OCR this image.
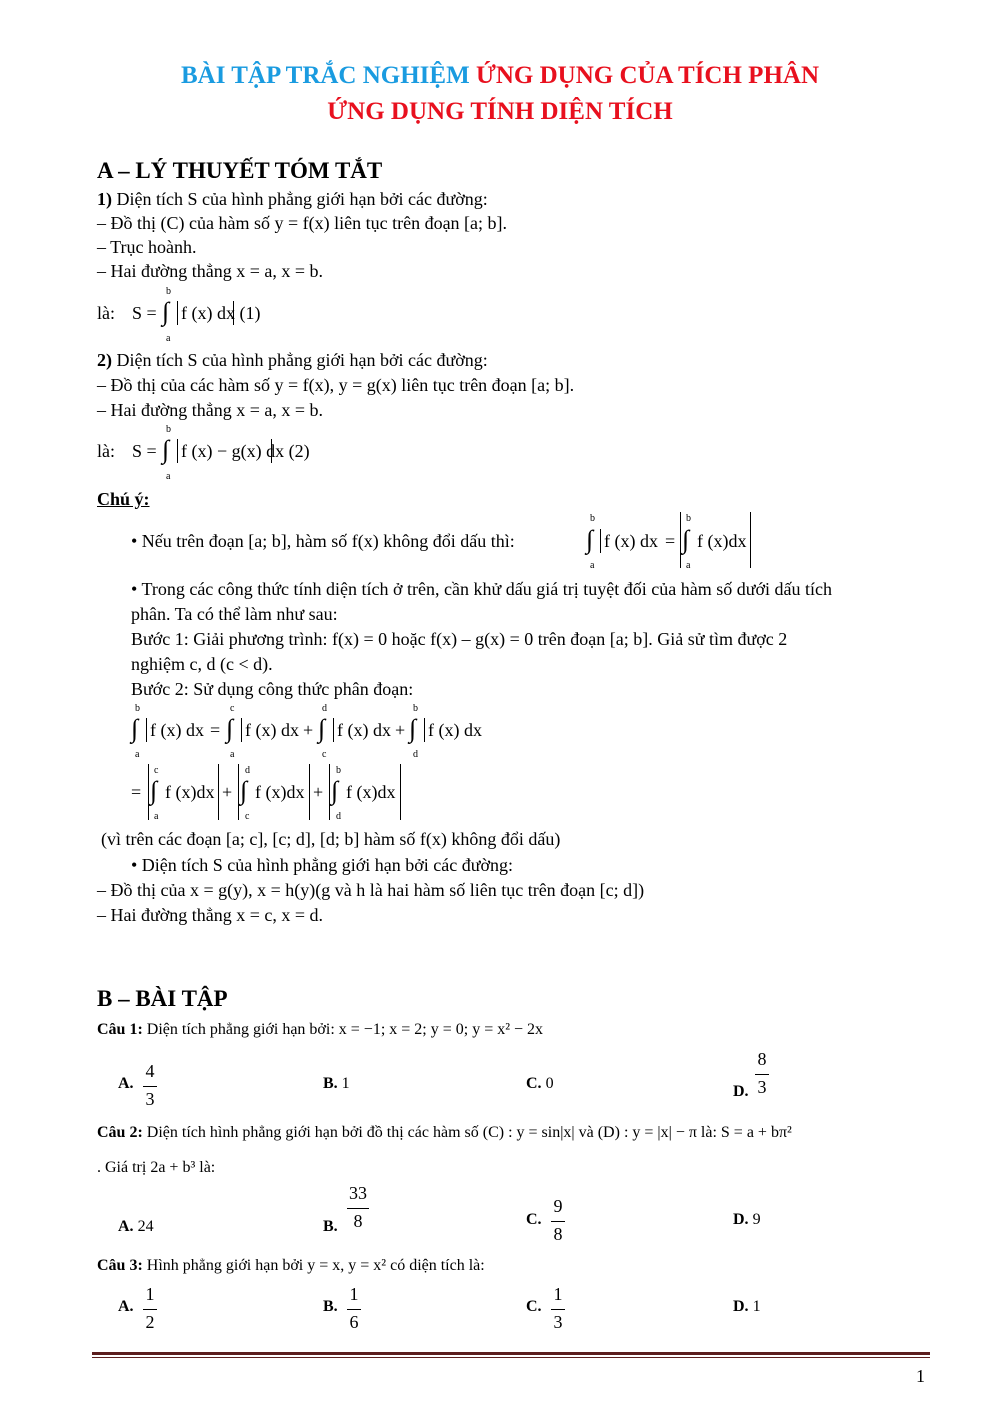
BÀI TẬP TRẮC NGHIỆM ỨNG DỤNG CỦA TÍCH PHÂN
ỨNG DỤNG TÍNH DIỆN TÍCH
A – LÝ THUYẾT TÓM TẮT
1) Diện tích S của hình phẳng giới hạn bởi các đường:
– Đồ thị (C) của hàm số y = f(x) liên tục trên đoạn [a; b].
– Trục hoành.
– Hai đường thẳng x = a, x = b.
là: S =
b
∫
a
f (x) dx (1)
2) Diện tích S của hình phẳng giới hạn bởi các đường:
– Đồ thị của các hàm số y = f(x), y = g(x) liên tục trên đoạn [a; b].
– Hai đường thẳng x = a, x = b.
là: S =
b
∫
a
f (x) − g(x) dx (2)
Chú ý:
• Nếu trên đoạn [a; b], hàm số f(x) không đổi dấu thì:
b
∫
a
f (x) dx =
b
∫
a
f (x)dx
• Trong các công thức tính diện tích ở trên, cần khử dấu giá trị tuyệt đối của hàm số dưới dấu tích
phân. Ta có thể làm như sau:
Bước 1: Giải phương trình: f(x) = 0 hoặc f(x) – g(x) = 0 trên đoạn [a; b]. Giả sử tìm được 2
nghiệm c, d (c < d).
Bước 2: Sử dụng công thức phân đoạn:
b
∫
a
f (x) dx =
c
∫
a
f (x) dx +
d
∫
c
f (x) dx +
b
∫
d
f (x) dx
=
c
∫
a
f (x)dx +
d
∫
c
f (x)dx +
b
∫
d
f (x)dx
(vì trên các đoạn [a; c], [c; d], [d; b] hàm số f(x) không đổi dấu)
• Diện tích S của hình phẳng giới hạn bởi các đường:
– Đồ thị của x = g(y), x = h(y)(g và h là hai hàm số liên tục trên đoạn [c; d])
– Hai đường thẳng x = c, x = d.
B – BÀI TẬP
Câu 1: Diện tích phẳng giới hạn bởi: x = −1; x = 2; y = 0; y = x² − 2x
A.
4
3
B. 1	C. 0	D.
8
3
Câu 2: Diện tích hình phẳng giới hạn bởi đồ thị các hàm số (C) : y = sin|x| và (D) : y = |x| − π là: S = a + bπ²
. Giá trị 2a + b³ là:
A. 24	B.
33
8	C.
9
8
D. 9
Câu 3: Hình phẳng giới hạn bởi y = x, y = x² có diện tích là:
A.
1
2
B.
1
6
C.
1
3
D. 1
1
